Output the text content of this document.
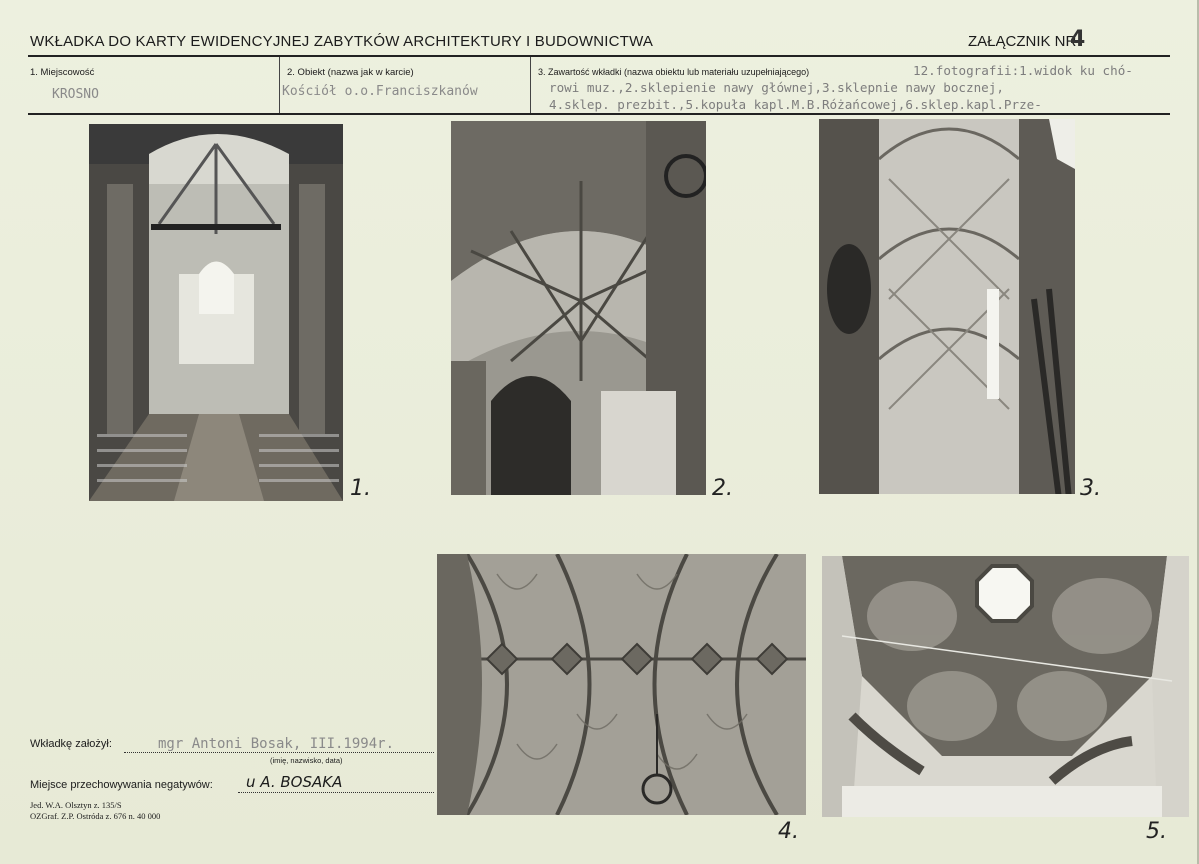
WKŁADKA DO KARTY EWIDENCYJNEJ ZABYTKÓW ARCHITEKTURY I BUDOWNICTWA	ZAŁĄCZNIK NR
4
1. Miejscowość
KROSNO
2. Obiekt (nazwa jak w karcie)
Kościół o.o.Franciszkanów
3. Zawartość wkładki (nazwa obiektu lub materiału uzupełniającego)	12.fotografii:1.widok ku chó-
rowi muz.,2.sklepienie nawy głównej,3.sklepnie nawy bocznej,
4.sklep. prezbit.,5.kopuła kapl.M.B.Różańcowej,6.sklep.kapl.Prze-
1.	2.	3.
4.	5.
Wkładkę założył:	mgr Antoni Bosak, III.1994r.
(imię, nazwisko, data)
Miejsce przechowywania negatywów: u A. BOSAKA
Jed. W.A. Olsztyn z. 135/S
OZGraf. Z.P. Ostróda z. 676 n. 40 000
